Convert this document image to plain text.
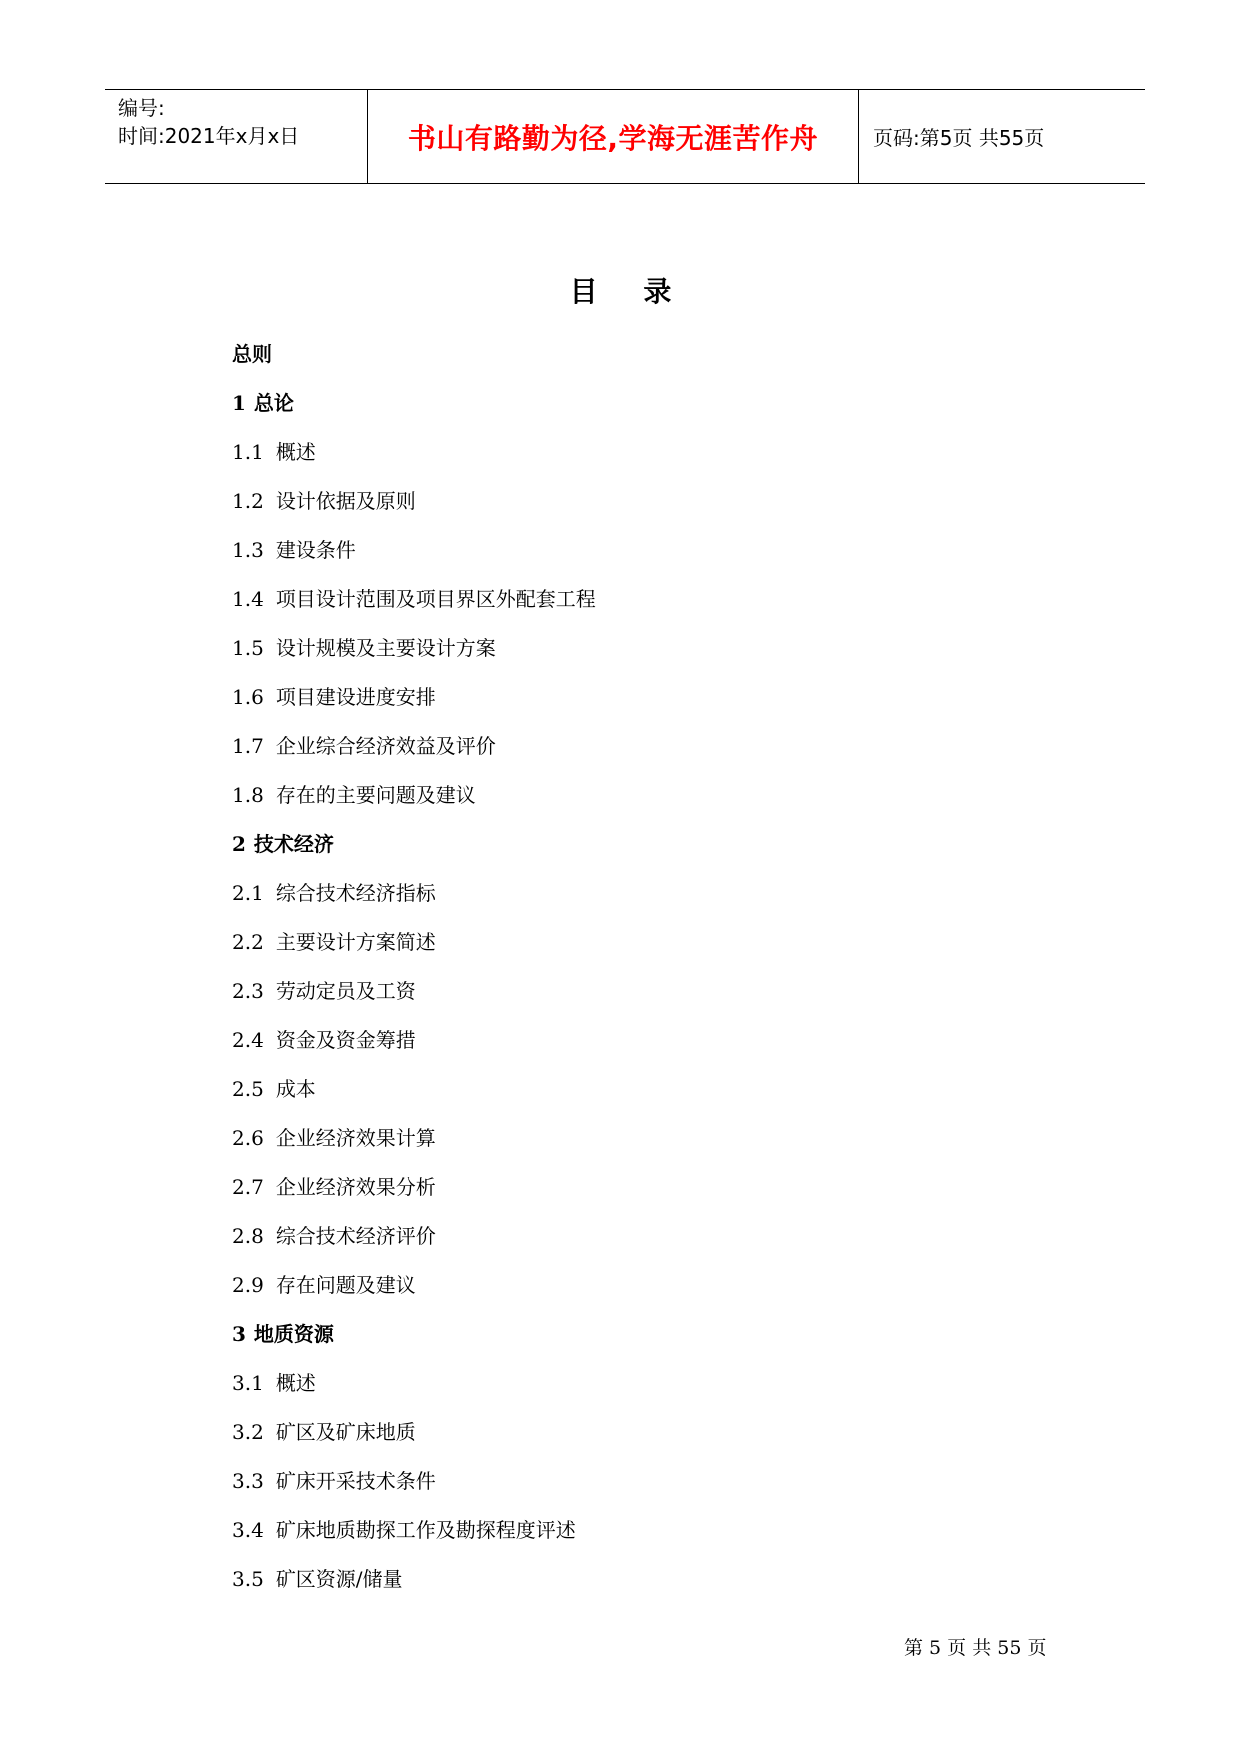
编号:
时间:2021年x月x日	书山有路勤为径,学海无涯苦作舟	页码:第5页 共55页
目 录
总则
1 总论
1.1 概述
1.2 设计依据及原则
1.3 建设条件
1.4 项目设计范围及项目界区外配套工程
1.5 设计规模及主要设计方案
1.6 项目建设进度安排
1.7 企业综合经济效益及评价
1.8 存在的主要问题及建议
2 技术经济
2.1 综合技术经济指标
2.2 主要设计方案简述
2.3 劳动定员及工资
2.4 资金及资金筹措
2.5 成本
2.6 企业经济效果计算
2.7 企业经济效果分析
2.8 综合技术经济评价
2.9 存在问题及建议
3 地质资源
3.1 概述
3.2 矿区及矿床地质
3.3 矿床开采技术条件
3.4 矿床地质勘探工作及勘探程度评述
3.5 矿区资源/储量
第 5 页 共 55 页
